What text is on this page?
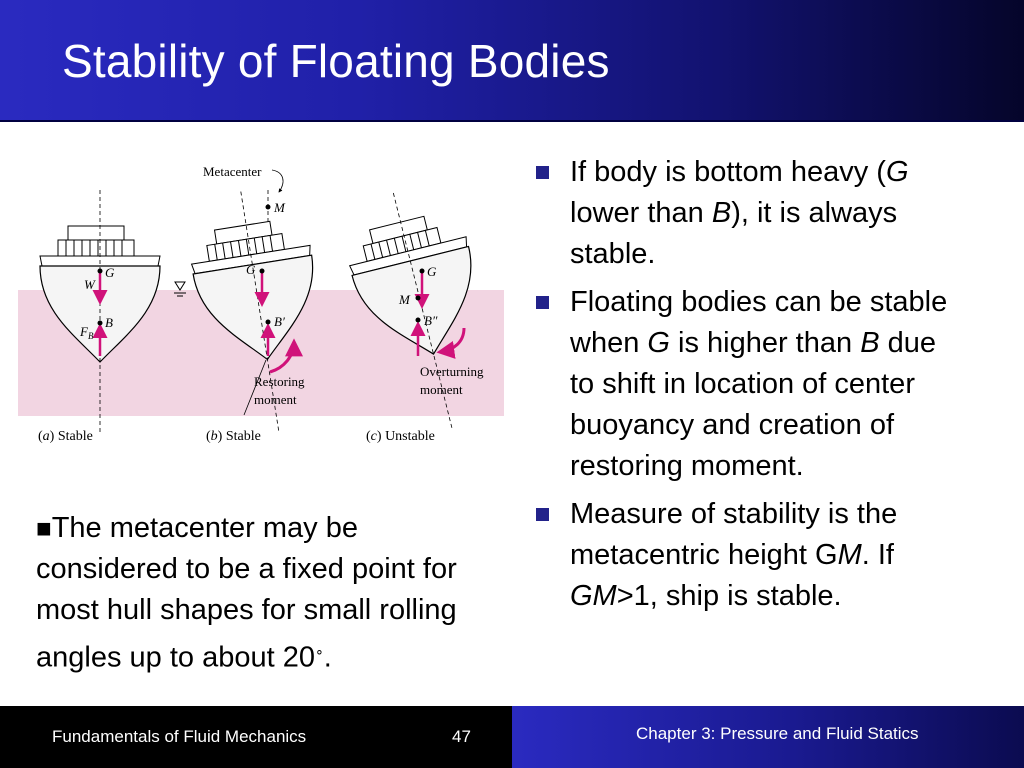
Stability of Floating Bodies
G
W
B
$F_B$
(a) Stable
Metacenter
M
G
B′
Restoring
moment
(b) Stable
G
M
B″
Overturning
moment
(c) Unstable
If body is bottom heavy (G lower than B), it is always stable.
Floating bodies can be stable when G is higher than B due to shift in location of center buoyancy and creation of restoring moment.
Measure of stability is the metacentric height GM. If GM>1, ship is stable.
■The metacenter may be considered to be a fixed point for most hull shapes for small rolling angles up to about 20∘.
Fundamentals of Fluid Mechanics	47	Chapter 3: Pressure and Fluid Statics
